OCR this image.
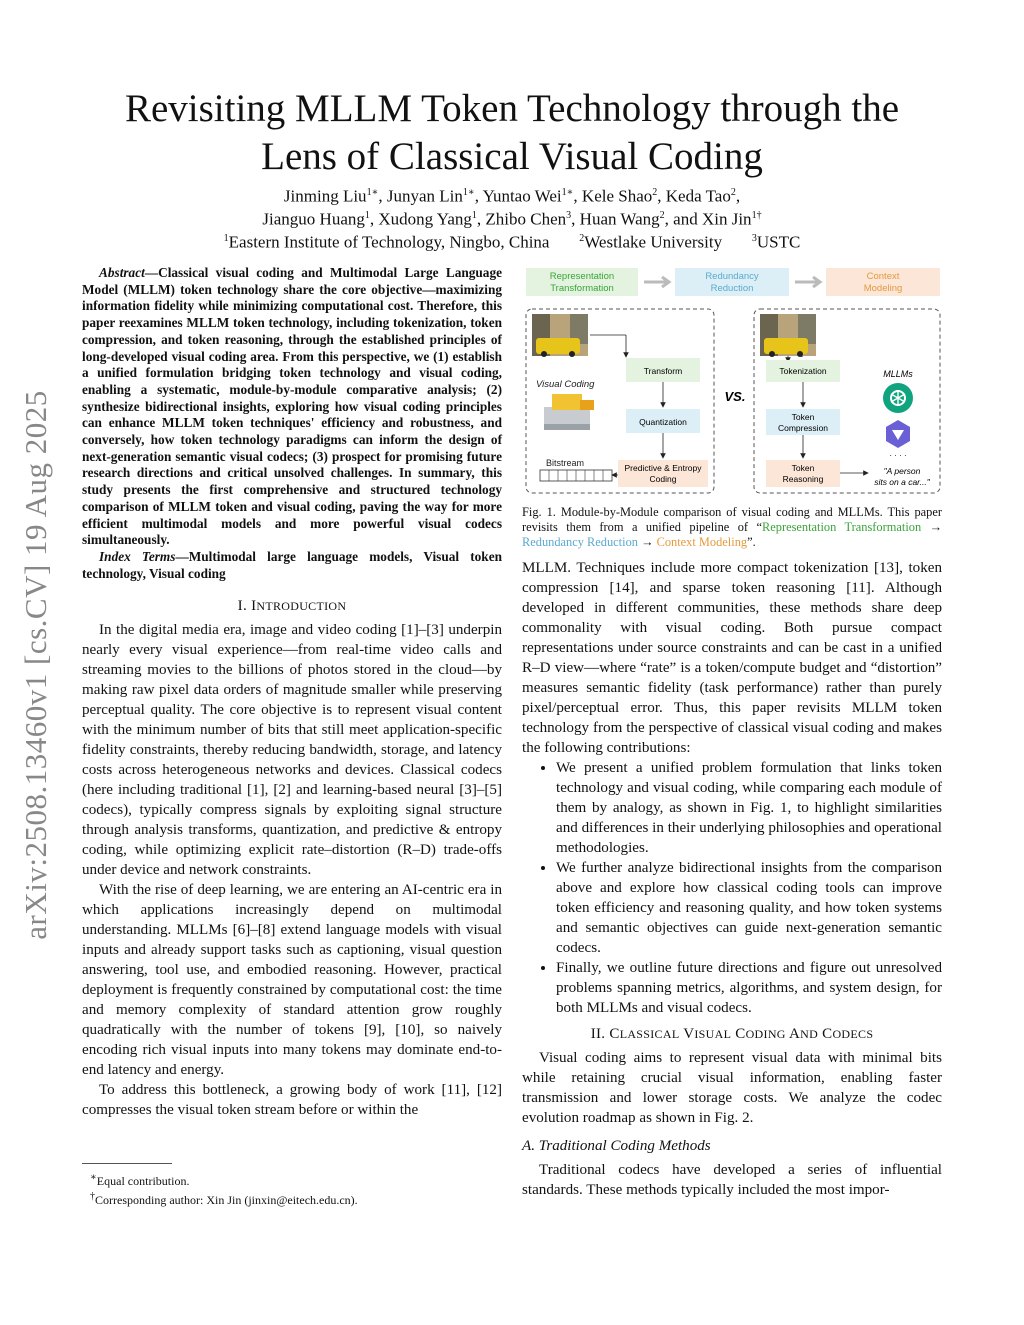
arXiv:2508.13460v1 [cs.CV] 19 Aug 2025
Revisiting MLLM Token Technology through the
Lens of Classical Visual Coding
Jinming Liu$^{1∗}$, Junyan Lin$^{1∗}$, Yuntao Wei$^{1∗}$, Kele Shao$^2$, Keda Tao$^2$,
Jianguo Huang$^1$, Xudong Yang$^1$, Zhibo Chen$^3$, Huan Wang$^2$, and Xin Jin$^{1\dagger}$
$^1$Eastern Institute of Technology, Ningbo, China	$^2$Westlake University	$^3$USTC

Abstract—Classical visual coding and Multimodal Large Language Model (MLLM) token technology share the core objective—maximizing information fidelity while minimizing computational cost. Therefore, this paper reexamines MLLM token technology, including tokenization, token compression, and token reasoning, through the established principles of long-developed visual coding area. From this perspective, we (1) establish a unified formulation bridging token technology and visual coding, enabling a systematic, module-by-module comparative analysis; (2) synthesize bidirectional insights, exploring how visual coding principles can enhance MLLM token techniques' efficiency and robustness, and conversely, how token technology paradigms can inform the design of next-generation semantic visual codecs; (3) prospect for promising future research directions and critical unsolved challenges. In summary, this study presents the first comprehensive and structured technology comparison of MLLM token and visual coding, paving the way for more efficient multimodal models and more powerful visual codecs simultaneously.

Index Terms—Multimodal large language models, Visual token technology, Visual coding

I. INTRODUCTION

In the digital media era, image and video coding [1]–[3] underpin nearly every visual experience—from real-time video calls and streaming movies to the billions of photos stored in the cloud—by making raw pixel data orders of magnitude smaller while preserving perceptual quality. The core objective is to represent visual content with the minimum number of bits that still meet application-specific fidelity constraints, thereby reducing bandwidth, storage, and latency costs across heterogeneous networks and devices. Classical codecs (here including traditional [1], [2] and learning-based neural [3]–[5] codecs), typically compress signals by exploiting signal structure through analysis transforms, quantization, and predictive & entropy coding, while optimizing explicit rate–distortion (R–D) trade-offs under device and network constraints.

With the rise of deep learning, we are entering an AI-centric era in which applications increasingly depend on multimodal understanding. MLLMs [6]–[8] extend language models with visual inputs and already support tasks such as captioning, visual question answering, tool use, and embodied reasoning. However, practical deployment is frequently constrained by computational cost: the time and memory complexity of standard attention grow roughly quadratically with the number of tokens [9], [10], so naively encoding rich visual inputs into many tokens may dominate end-to-end latency and energy.

To address this bottleneck, a growing body of work [11], [12] compresses the visual token stream before or within the

∗Equal contribution.
†Corresponding author: Xin Jin (jinxin@eitech.edu.cn).
Representation
Transformation
Redundancy
Reduction
Context
Modeling
Visual Coding
Bitstream
Transform
Quantization
Predictive & Entropy
Coding
VS.
Tokenization
Token
Compression
Token
Reasoning
MLLMs
· · · ·
"A person
sits on a car..."
Fig. 1. Module-by-Module comparison of visual coding and MLLMs. This paper revisits them from a unified pipeline of “Representation Transformation → Redundancy Reduction → Context Modeling”.

MLLM. Techniques include more compact tokenization [13], token compression [14], and sparse token reasoning [11]. Although developed in different communities, these methods share deep commonality with visual coding. Both pursue compact representations under source constraints and can be cast in a unified R–D view—where “rate” is a token/compute budget and “distortion” measures semantic fidelity (task performance) rather than purely pixel/perceptual error. Thus, this paper revisits MLLM token technology from the perspective of classical visual coding and makes the following contributions:

• We present a unified problem formulation that links token technology and visual coding, while comparing each module of them by analogy, as shown in Fig. 1, to highlight similarities and differences in their underlying philosophies and operational methodologies.
• We further analyze bidirectional insights from the comparison above and explore how classical coding tools can improve token efficiency and reasoning quality, and how token systems and semantic objectives can guide next-generation semantic codecs.
• Finally, we outline future directions and figure out unresolved problems spanning metrics, algorithms, and system design, for both MLLMs and visual codecs.
II. CLASSICAL VISUAL CODING AND CODECS

Visual coding aims to represent visual data with minimal bits while retaining crucial visual information, enabling faster transmission and lower storage costs. We analyze the codec evolution roadmap as shown in Fig. 2.

A. Traditional Coding Methods

Traditional codecs have developed a series of influential standards. These methods typically included the most impor-
